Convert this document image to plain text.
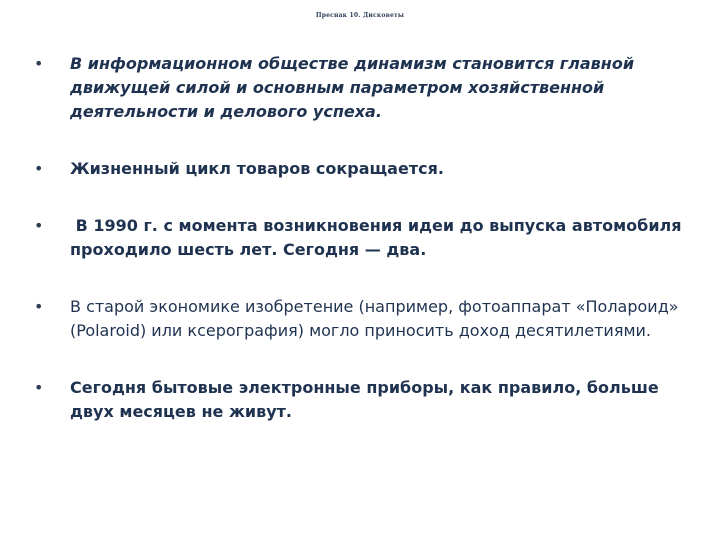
Преснак 10. Дисковеты
• В информационном обществе динамизм становится главной движущей силой и основным параметром хозяйственной деятельности и делового успеха.
• Жизненный цикл товаров сокращается.
• В 1990 г. с момента возникновения идеи до выпуска автомобиля проходило шесть лет. Сегодня — два.
• В старой экономике изобретение (например, фотоаппарат «Поларoид» (Polaroid) или ксерография) могло приносить доход десятилетиями.
• Сегодня бытовые электронные приборы, как правило, больше двух месяцев не живут.
